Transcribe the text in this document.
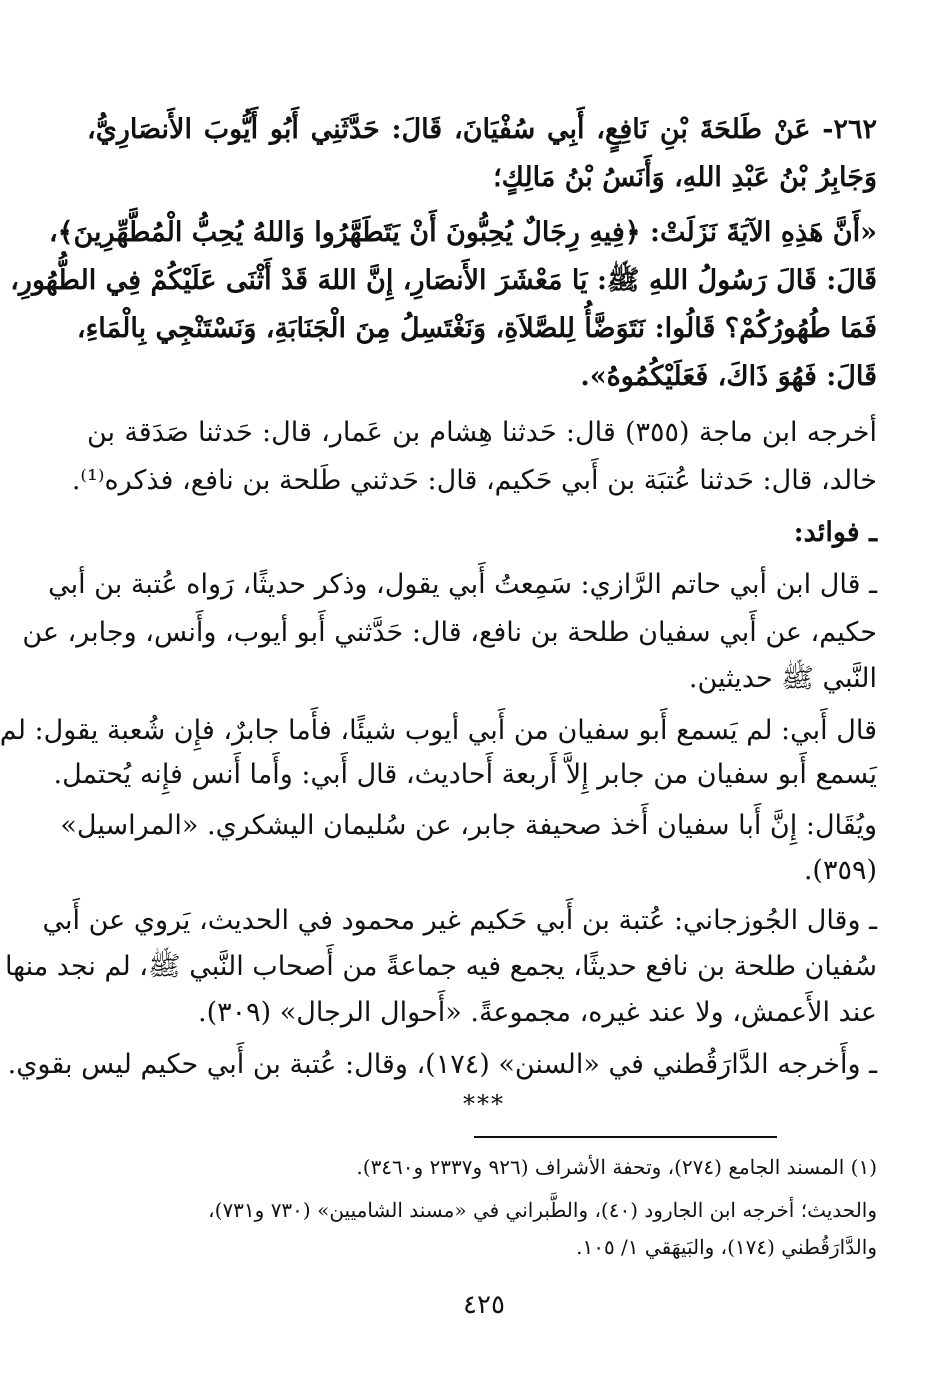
٢٦٢- عَنْ طَلحَةَ بْنِ نَافِعٍ، أَبِي سُفْيَانَ، قَالَ: حَدَّثَنِي أَبُو أَيُّوبَ الأَنصَارِيُّ،
وَجَابِرُ بْنُ عَبْدِ اللهِ، وَأَنَسُ بْنُ مَالِكٍ؛
«أَنَّ هَذِهِ الآيَةَ نَزَلَتْ: ﴿فِيهِ رِجَالٌ يُحِبُّونَ أَنْ يَتَطَهَّرُوا وَاللهُ يُحِبُّ الْمُطَّهِّرِينَ﴾،
قَالَ: قَالَ رَسُولُ اللهِ ﷺ: يَا مَعْشَرَ الأَنصَارِ، إِنَّ اللهَ قَدْ أَثْنَى عَلَيْكُمْ فِي الطُّهُورِ،
فَمَا طُهُورُكُمْ؟ قَالُوا: نَتَوَضَّأُ لِلصَّلاَةِ، وَنَغْتَسِلُ مِنَ الْجَنَابَةِ، وَنَسْتَنْجِي بِالْمَاءِ،
قَالَ: فَهُوَ ذَاكَ، فَعَلَيْكُمُوهُ».
أخرجه ابن ماجة (٣٥٥) قال: حَدثنا هِشام بن عَمار، قال: حَدثنا صَدَقة بن
خالد، قال: حَدثنا عُتبَة بن أَبي حَكيم، قال: حَدثني طَلحة بن نافع، فذكره⁽¹⁾.
ـ فوائد:
ـ قال ابن أبي حاتم الرَّازي: سَمِعتُ أَبي يقول، وذكر حديثًا، رَواه عُتبة بن أبي
حكيم، عن أَبي سفيان طلحة بن نافع، قال: حَدَّثني أَبو أيوب، وأَنس، وجابر، عن
النَّبي ﷺ حديثين.
قال أَبي: لم يَسمع أَبو سفيان من أَبي أيوب شيئًا، فأَما جابرٌ، فإِن شُعبة يقول: لم
يَسمع أَبو سفيان من جابر إِلاَّ أَربعة أَحاديث، قال أَبي: وأَما أَنس فإِنه يُحتمل.
ويُقَال: إِنَّ أَبا سفيان أَخذ صحيفة جابر، عن سُليمان اليشكري. «المراسيل»
(٣٥٩).
ـ وقال الجُوزجاني: عُتبة بن أَبي حَكيم غير محمود في الحديث، يَروي عن أَبي
سُفيان طلحة بن نافع حديثًا، يجمع فيه جماعةً من أَصحاب النَّبي ﷺ، لم نجد منها
عند الأَعمش، ولا عند غيره، مجموعةً. «أَحوال الرجال» (٣٠٩).
ـ وأَخرجه الدَّارَقُطني في «السنن» (١٧٤)، وقال: عُتبة بن أَبي حكيم ليس بقوي.
***
(١) المسند الجامع (٢٧٤)، وتحفة الأشراف (٩٢٦ و٢٣٣٧ و٣٤٦٠).
والحديث؛ أخرجه ابن الجارود (٤٠)، والطَّبراني في «مسند الشاميين» (٧٣٠ و٧٣١)،
والدَّارَقُطني (١٧٤)، والبَيهَقي ١/ ١٠٥.
٤٢٥
